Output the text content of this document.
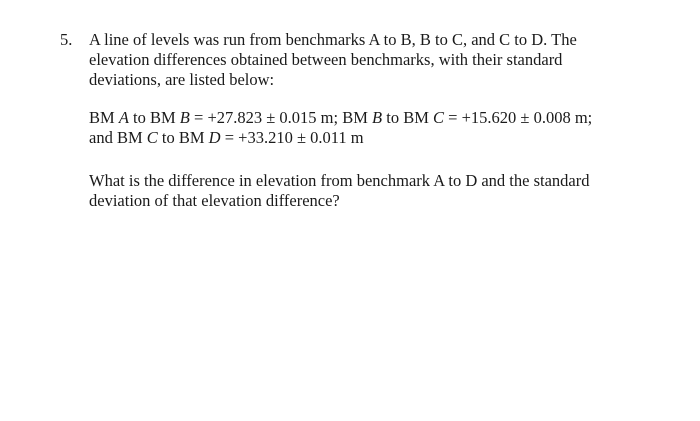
5. A line of levels was run from benchmarks A to B, B to C, and C to D. The
elevation differences obtained between benchmarks, with their standard
deviations, are listed below:

BM A to BM B = +27.823 ± 0.015 m; BM B to BM C = +15.620 ± 0.008 m;
and BM C to BM D = +33.210 ± 0.011 m

What is the difference in elevation from benchmark A to D and the standard
deviation of that elevation difference?
